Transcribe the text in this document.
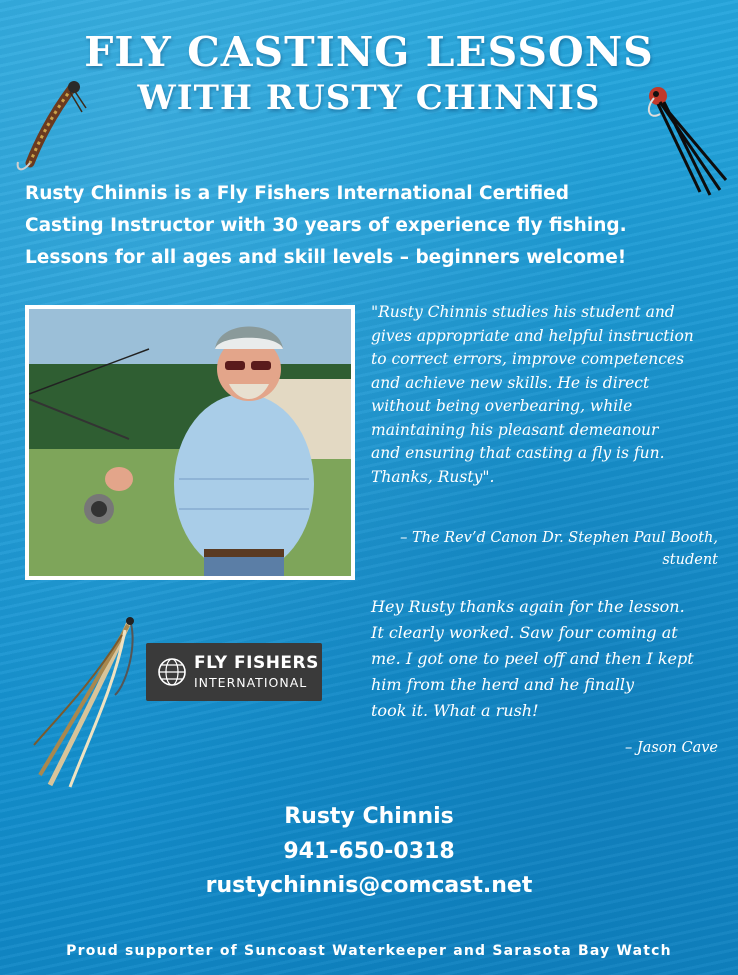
FLY CASTING LESSONS
WITH RUSTY CHINNIS

Rusty Chinnis is a Fly Fishers International Certified

Casting Instructor with 30 years of experience fly fishing.

Lessons for all ages and skill levels – beginners welcome!

"Rusty Chinnis studies his student and
gives appropriate and helpful instruction
to correct errors, improve competences
and achieve new skills. He is direct
without being overbearing, while
maintaining his pleasant demeanour
and ensuring that casting a fly is fun.
Thanks, Rusty".
– The Rev’d Canon Dr. Stephen Paul Booth,
student
Hey Rusty thanks again for the lesson.
It clearly worked. Saw four coming at
me. I got one to peel off and then I kept
him from the herd and he finally
took it. What a rush!
– Jason Cave
FLY FISHERS
INTERNATIONAL
Rusty Chinnis
941-650-0318
rustychinnis@comcast.net
Proud supporter of Suncoast Waterkeeper and Sarasota Bay Watch
